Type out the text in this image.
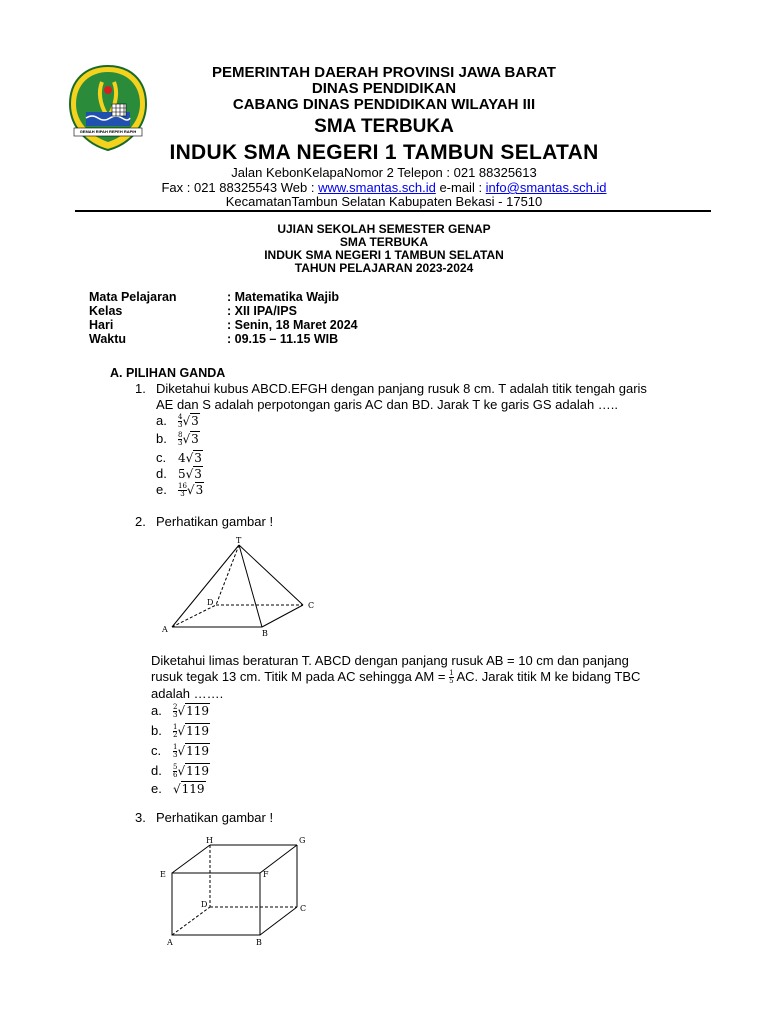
GEMAH RIPAH REPEH RAPIH
PEMERINTAH DAERAH PROVINSI JAWA BARAT
DINAS PENDIDIKAN
CABANG DINAS PENDIDIKAN WILAYAH III
SMA TERBUKA
INDUK SMA NEGERI 1 TAMBUN SELATAN
Jalan KebonKelapaNomor 2 Telepon : 021 88325613
Fax : 021 88325543 Web : www.smantas.sch.id e-mail : info@smantas.sch.id
KecamatanTambun Selatan Kabupaten Bekasi - 17510
UJIAN SEKOLAH SEMESTER GENAP
SMA TERBUKA
INDUK SMA NEGERI 1 TAMBUN SELATAN
TAHUN PELAJARAN 2023-2024
Mata Pelajaran	: Matematika Wajib
Kelas	: XII IPA/IPS
Hari	: Senin, 18 Maret 2024
Waktu	: 09.15 – 11.15 WIB
A. PILIHAN GANDA
1. Diketahui kubus ABCD.EFGH dengan panjang rusuk 8 cm. T adalah titik tengah garis
AE dan S adalah perpotongan garis AC dan BD. Jarak T ke garis GS adalah …..
a. $\frac{4}{3} √3$
b. $\frac{8}{3} √3$
c. 4√3
d. 5√3
e. $\frac{16}{3} √3$
2. Perhatikan gambar !
T
A	B
C
D
Diketahui limas beraturan T. ABCD dengan panjang rusuk AB = 10 cm dan panjang
rusuk tegak 13 cm. Titik M pada AC sehingga AM = $\frac{1}{5}$ AC. Jarak titik M ke bidang TBC
adalah …….
a. $\frac{2}{3} √119$
b. $\frac{1}{2} √119$
c. $\frac{1}{3} √119$
d. $\frac{5}{6} √119$
e. √119
3. Perhatikan gambar !
H	G
E	F
D	C
A	B
